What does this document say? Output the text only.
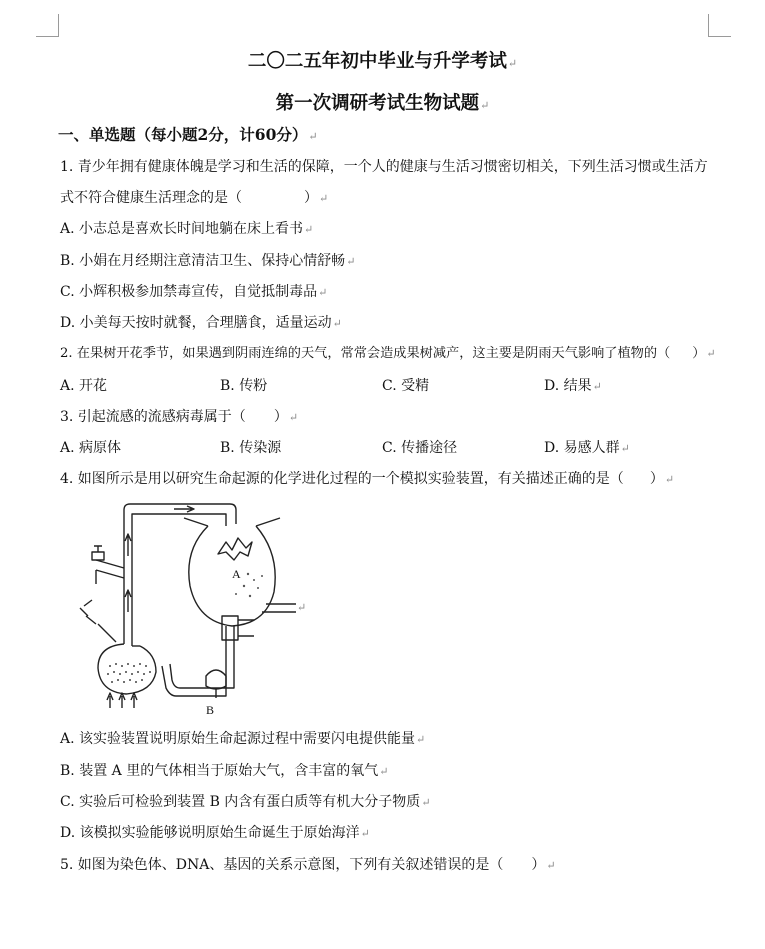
二〇二五年初中毕业与升学考试↵
第一次调研考试生物试题↵
一、单选题（每小题2分，计60分）↵
1. 青少年拥有健康体魄是学习和生活的保障，一个人的健康与生活习惯密切相关，下列生活习惯或生活方
式不符合健康生活理念的是（	）↵
A. 小志总是喜欢长时间地躺在床上看书↵
B. 小娟在月经期注意清洁卫生、保持心情舒畅↵
C. 小辉积极参加禁毒宣传，自觉抵制毒品↵
D. 小美每天按时就餐，合理膳食，适量运动↵
2. 在果树开花季节，如果遇到阴雨连绵的天气，常常会造成果树减产，这主要是阴雨天气影响了植物的（ ）↵
A. 开花	B. 传粉	C. 受精	D. 结果↵
3. 引起流感的流感病毒属于（ ）↵
A. 病原体	B. 传染源	C. 传播途径	D. 易感人群↵
4. 如图所示是用以研究生命起源的化学进化过程的一个模拟实验装置，有关描述正确的是（ ）↵
A
B
↵
A. 该实验装置说明原始生命起源过程中需要闪电提供能量↵
B. 装置 A 里的气体相当于原始大气，含丰富的氧气↵
C. 实验后可检验到装置 B 内含有蛋白质等有机大分子物质↵
D. 该模拟实验能够说明原始生命诞生于原始海洋↵
5. 如图为染色体、DNA、基因的关系示意图，下列有关叙述错误的是（ ）↵
